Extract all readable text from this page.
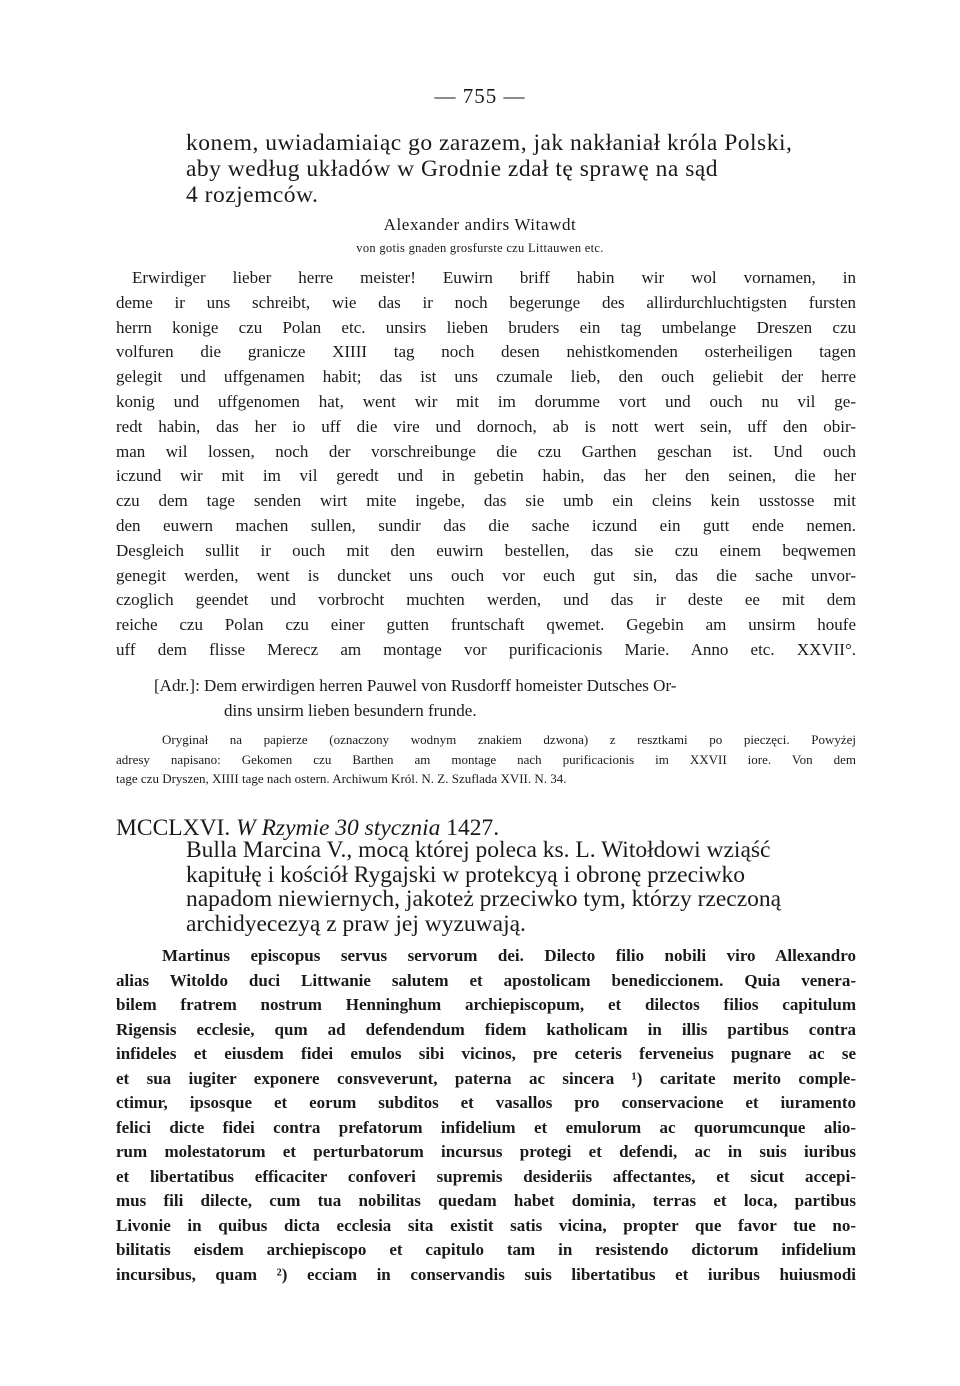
— 755 —
konem, uwiadamiaiąc go zarazem, jak nakłaniał króla Polski,
aby według układów w Grodnie zdał tę sprawę na sąd
4 rozjemców.
Alexander andirs Witawdt
von gotis gnaden grosfurste czu Littauwen etc.
Erwirdiger lieber herre meister! Euwirn briff habin wir wol vornamen, in
deme ir uns schreibt, wie das ir noch begerunge des allirdurchluchtigsten fursten
herrn konige czu Polan etc. unsirs lieben bruders ein tag umbelange Dreszen czu
volfuren die granicze XIIII tag noch desen nehistkomenden osterheiligen tagen
gelegit und uffgenamen habit; das ist uns czumale lieb, den ouch geliebit der herre
konig und uffgenomen hat, went wir mit im dorumme vort und ouch nu vil ge-
redt habin, das her io uff die vire und dornoch, ab is nott wert sein, uff den obir-
man wil lossen, noch der vorschreibunge die czu Garthen geschan ist. Und ouch
iczund wir mit im vil geredt und in gebetin habin, das her den seinen, die her
czu dem tage senden wirt mite ingebe, das sie umb ein cleins kein usstosse mit
den euwern machen sullen, sundir das die sache iczund ein gutt ende nemen.
Desgleich sullit ir ouch mit den euwirn bestellen, das sie czu einem beqwemen
genegit werden, went is duncket uns ouch vor euch gut sin, das die sache unvor-
czoglich geendet und vorbrocht muchten werden, und das ir deste ee mit dem
reiche czu Polan czu einer gutten fruntschaft qwemet. Gegebin am unsirm houfe
uff dem flisse Merecz am montage vor purificacionis Marie. Anno etc. XXVII°.
[Adr.]: Dem erwirdigen herren Pauwel von Rusdorff homeister Dutsches Or-
dins unsirm lieben besundern frunde.
Oryginał na papierze (oznaczony wodnym znakiem dzwona) z resztkami po pieczęci. Powyżej
adresy napisano: Gekomen czu Barthen am montage nach purificacionis im XXVII iore. Von dem
tage czu Dryszen, XIIII tage nach ostern. Archiwum Król. N. Z. Szuflada XVII. N. 34.
MCCLXVI. W Rzymie 30 stycznia 1427.
Bulla Marcina V., mocą której poleca ks. L. Witołdowi wziąść
kapitułę i kościół Rygajski w protekcyą i obronę przeciwko
napadom niewiernych, jakoteż przeciwko tym, którzy rzeczoną
archidyecezyą z praw jej wyzuwają.
Martinus episcopus servus servorum dei. Dilecto filio nobili viro Allexandro
alias Witoldo duci Littwanie salutem et apostolicam benediccionem. Quia venera-
bilem fratrem nostrum Henninghum archiepiscopum, et dilectos filios capitulum
Rigensis ecclesie, qum ad defendendum fidem katholicam in illis partibus contra
infideles et eiusdem fidei emulos sibi vicinos, pre ceteris ferveneius pugnare ac se
et sua iugiter exponere consveverunt, paterna ac sincera ¹) caritate merito comple-
ctimur, ipsosque et eorum subditos et vasallos pro conservacione et iuramento
felici dicte fidei contra prefatorum infidelium et emulorum ac quorumcunque alio-
rum molestatorum et perturbatorum incursus protegi et defendi, ac in suis iuribus
et libertatibus efficaciter confoveri supremis desideriis affectantes, et sicut accepi-
mus fili dilecte, cum tua nobilitas quedam habet dominia, terras et loca, partibus
Livonie in quibus dicta ecclesia sita existit satis vicina, propter que favor tue no-
bilitatis eisdem archiepiscopo et capitulo tam in resistendo dictorum infidelium
incursibus, quam ²) ecciam in conservandis suis libertatibus et iuribus huiusmodi
